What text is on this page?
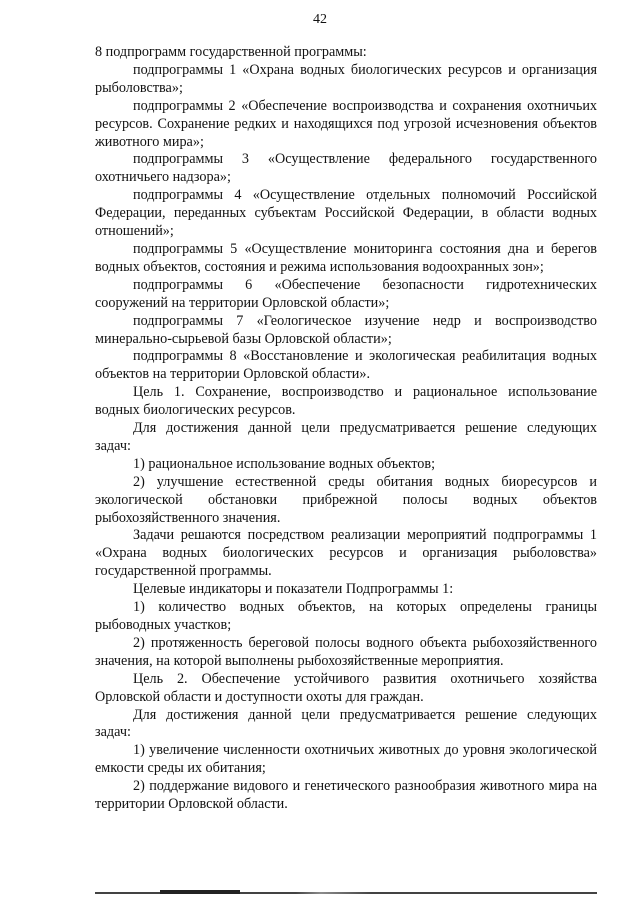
42

8 подпрограмм государственной программы:

подпрограммы 1 «Охрана водных биологических ресурсов и организация рыболовства»;

подпрограммы 2 «Обеспечение воспроизводства и сохранения охотничьих ресурсов. Сохранение редких и находящихся под угрозой исчезновения объектов животного мира»;

подпрограммы 3 «Осуществление федерального государственного охотничьего надзора»;

подпрограммы 4 «Осуществление отдельных полномочий Российской Федерации, переданных субъектам Российской Федерации, в области водных отношений»;

подпрограммы 5 «Осуществление мониторинга состояния дна и берегов водных объектов, состояния и режима использования водоохранных зон»;

подпрограммы 6 «Обеспечение безопасности гидротехнических сооружений на территории Орловской области»;

подпрограммы 7 «Геологическое изучение недр и воспроизводство минерально-сырьевой базы Орловской области»;

подпрограммы 8 «Восстановление и экологическая реабилитация водных объектов на территории Орловской области».

Цель 1. Сохранение, воспроизводство и рациональное использование водных биологических ресурсов.

Для достижения данной цели предусматривается решение следующих задач:

1) рациональное использование водных объектов;

2) улучшение естественной среды обитания водных биоресурсов и экологической обстановки прибрежной полосы водных объектов рыбохозяйственного значения.

Задачи решаются посредством реализации мероприятий подпрограммы 1 «Охрана водных биологических ресурсов и организация рыболовства» государственной программы.

Целевые индикаторы и показатели Подпрограммы 1:

1) количество водных объектов, на которых определены границы рыбоводных участков;

2) протяженность береговой полосы водного объекта рыбохозяйственного значения, на которой выполнены рыбохозяйственные мероприятия.

Цель 2. Обеспечение устойчивого развития охотничьего хозяйства Орловской области и доступности охоты для граждан.

Для достижения данной цели предусматривается решение следующих задач:

1) увеличение численности охотничьих животных до уровня экологической емкости среды их обитания;

2) поддержание видового и генетического разнообразия животного мира на территории Орловской области.
